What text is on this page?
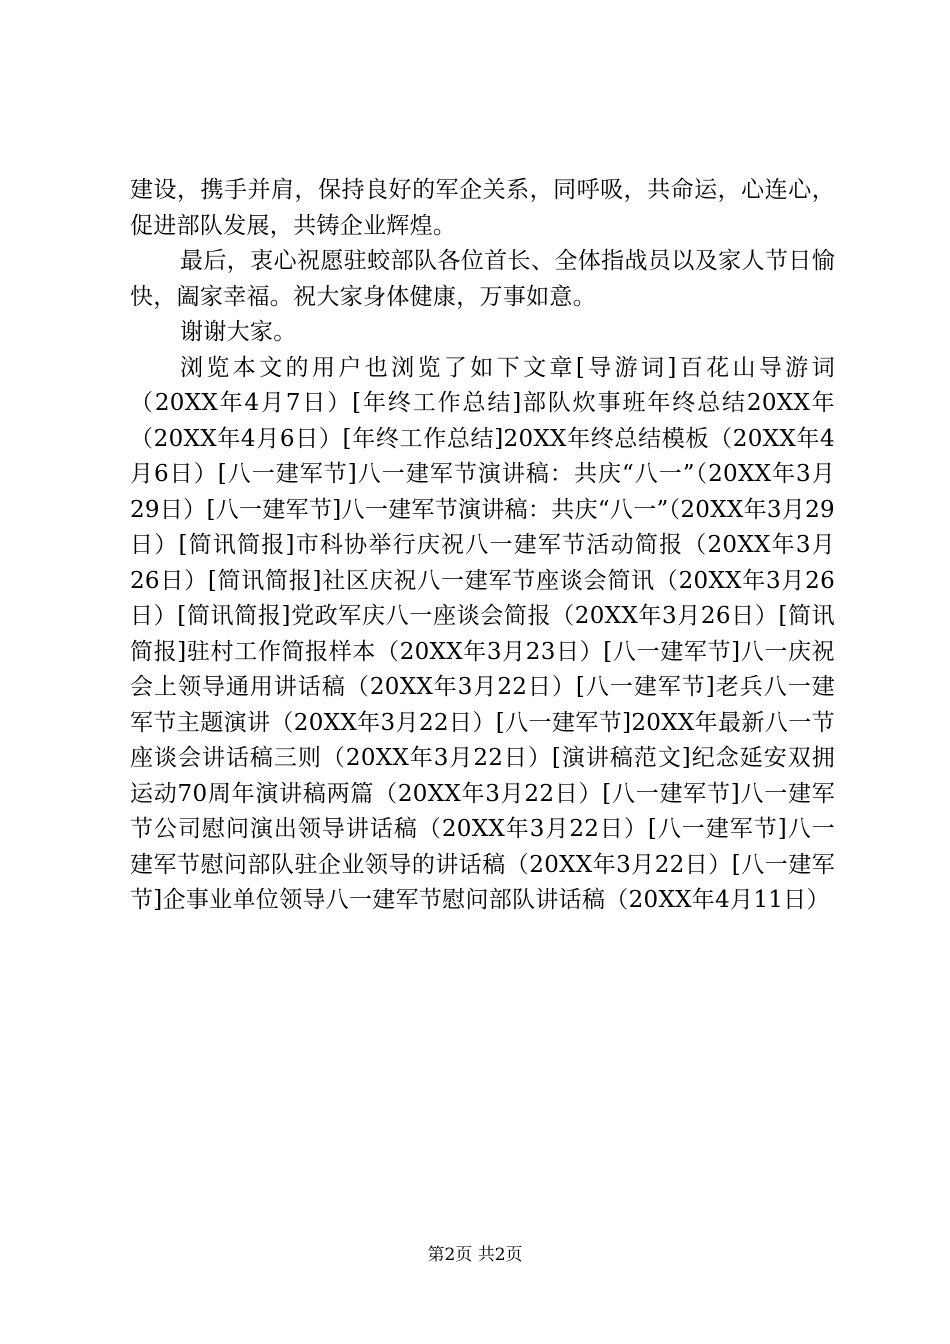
建设，携手并肩，保持良好的军企关系，同呼吸，共命运，心连心，促进部队发展，共铸企业辉煌。

最后，衷心祝愿驻蛟部队各位首长、全体指战员以及家人节日愉快，阖家幸福。祝大家身体健康，万事如意。

谢谢大家。

浏览本文的用户也浏览了如下文章[导游词]百花山导游词（20XX年4月7日）[年终工作总结]部队炊事班年终总结20XX年（20XX年4月6日）[年终工作总结]20XX年终总结模板（20XX年4月6日）[八一建军节]八一建军节演讲稿：共庆“八一”（20XX年3月29日）[八一建军节]八一建军节演讲稿：共庆“八一”（20XX年3月29日）[简讯简报]市科协举行庆祝八一建军节活动简报（20XX年3月26日）[简讯简报]社区庆祝八一建军节座谈会简讯（20XX年3月26日）[简讯简报]党政军庆八一座谈会简报（20XX年3月26日）[简讯简报]驻村工作简报样本（20XX年3月23日）[八一建军节]八一庆祝会上领导通用讲话稿（20XX年3月22日）[八一建军节]老兵八一建军节主题演讲（20XX年3月22日）[八一建军节]20XX年最新八一节座谈会讲话稿三则（20XX年3月22日）[演讲稿范文]纪念延安双拥运动70周年演讲稿两篇（20XX年3月22日）[八一建军节]八一建军节公司慰问演出领导讲话稿（20XX年3月22日）[八一建军节]八一建军节慰问部队驻企业领导的讲话稿（20XX年3月22日）[八一建军节]企事业单位领导八一建军节慰问部队讲话稿（20XX年4月11日）

第2页 共2页
